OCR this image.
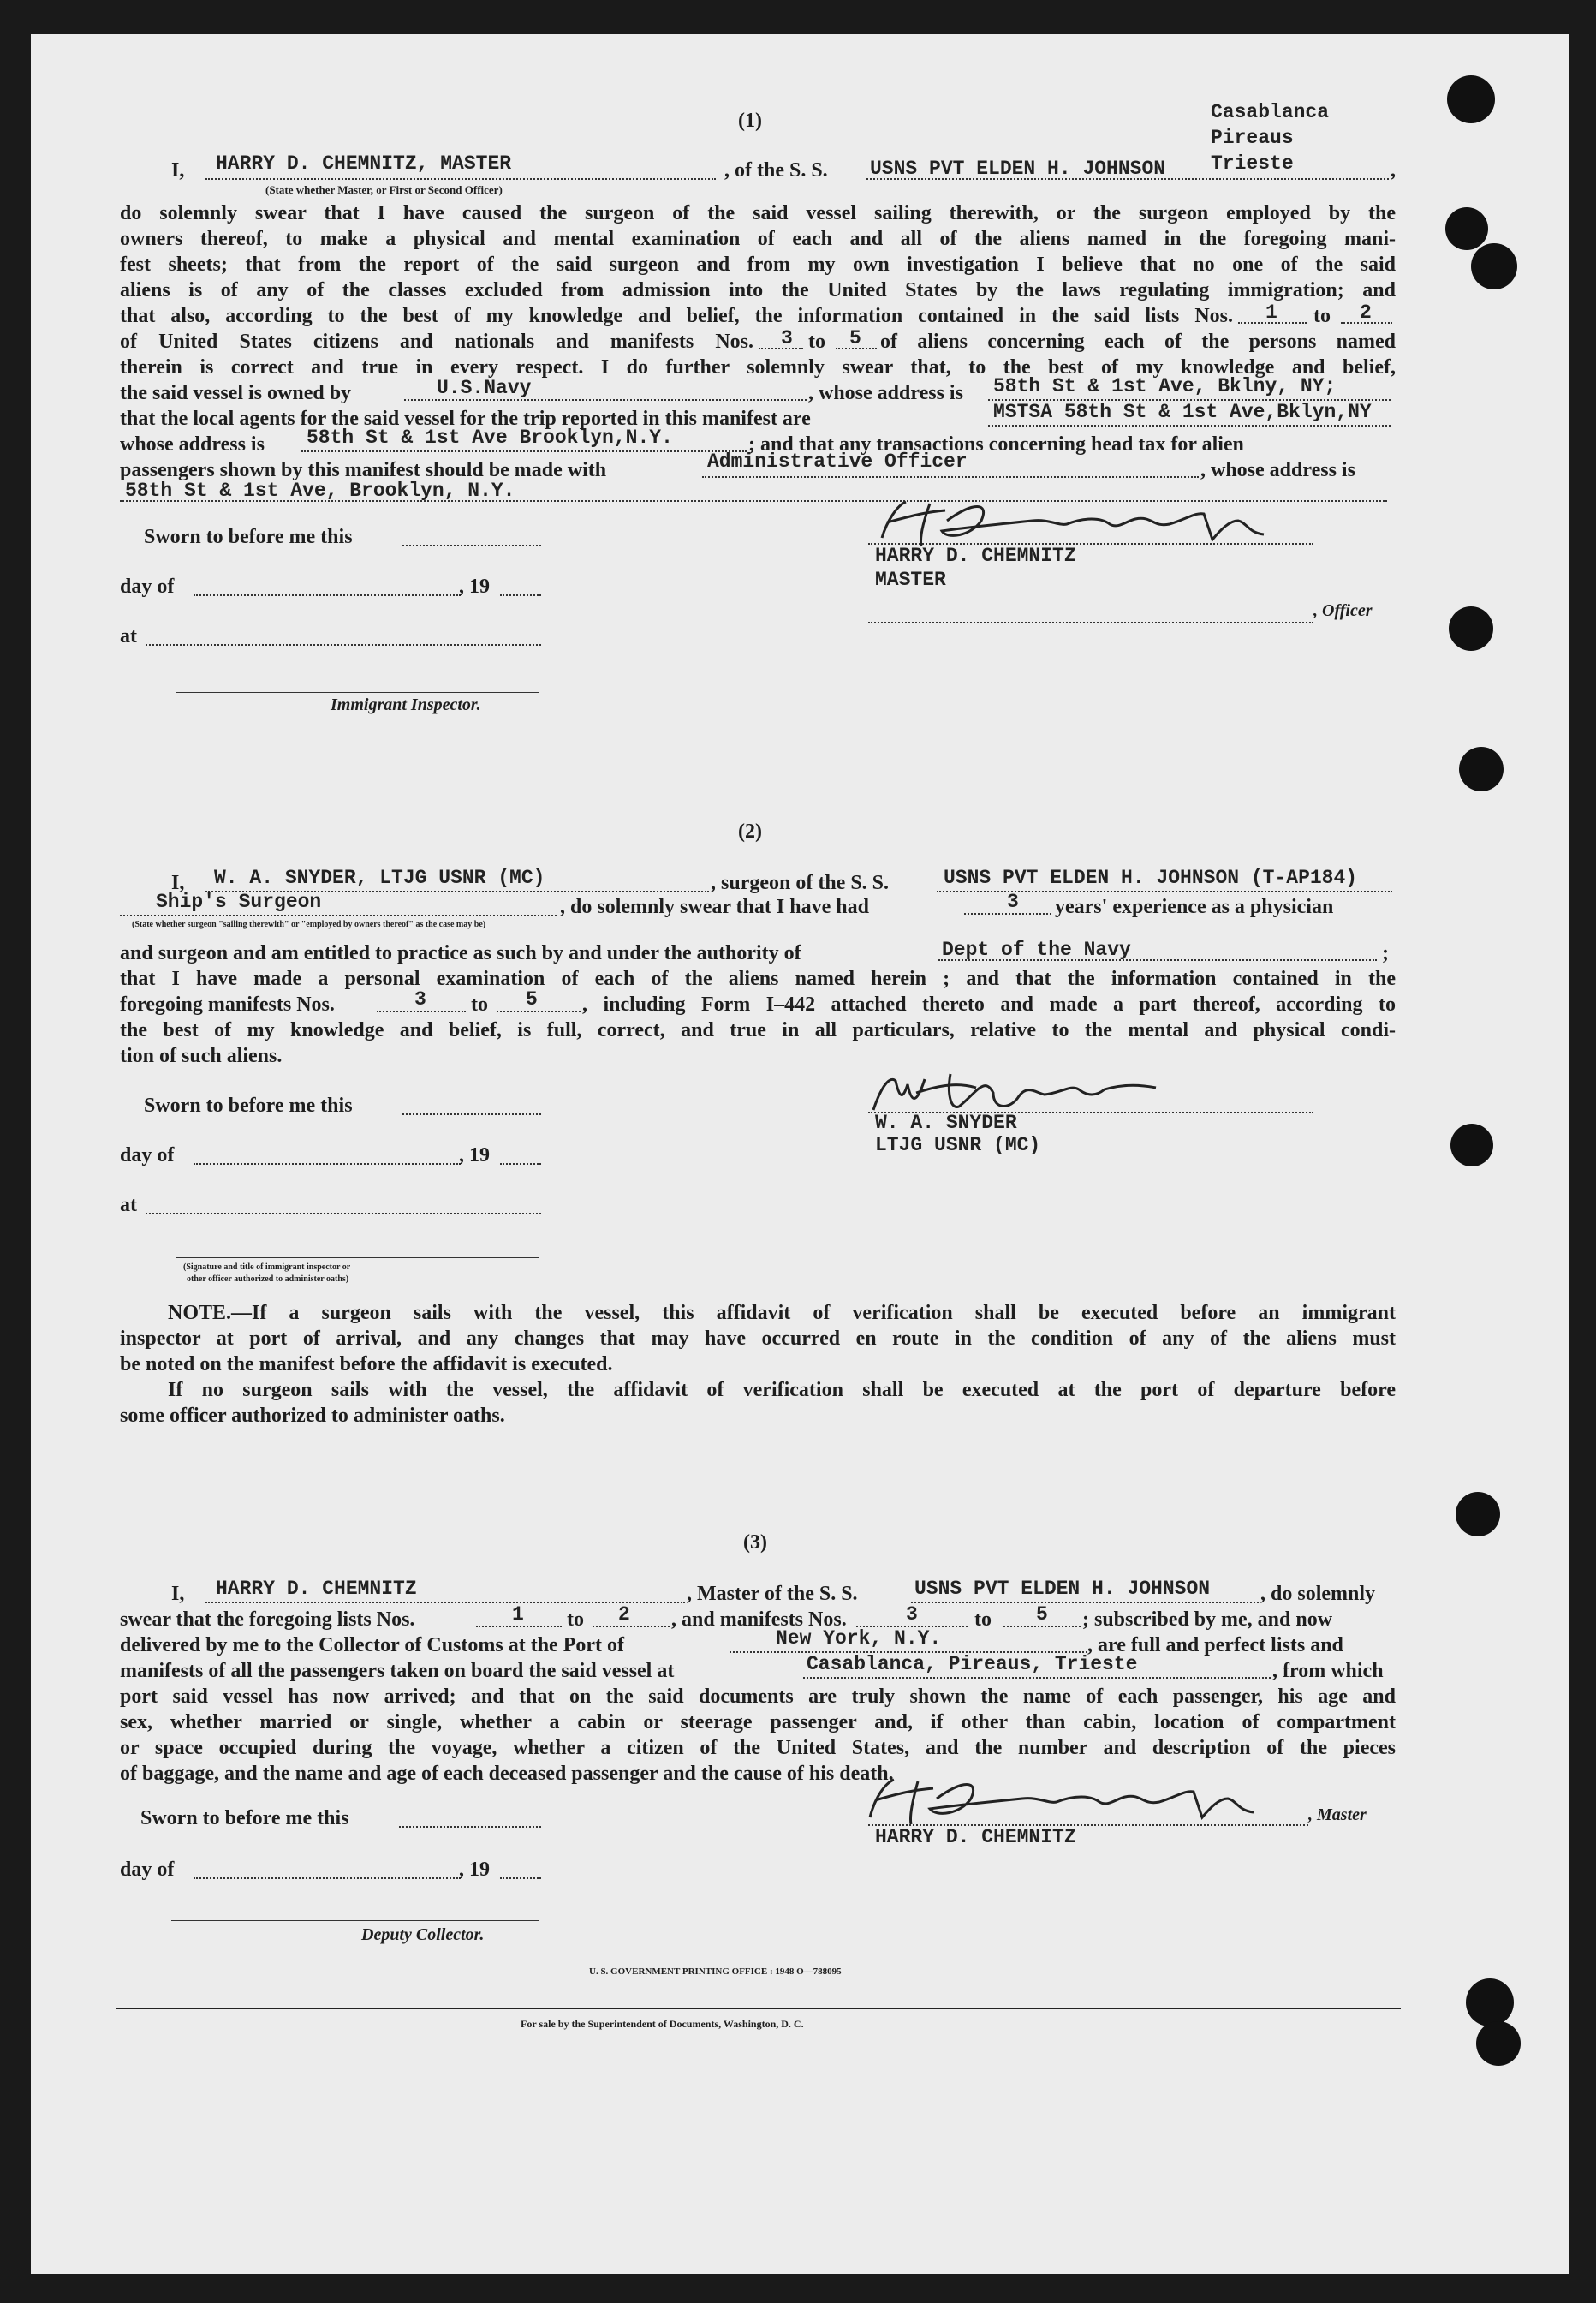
(1)	Casablanca
Pireaus
Trieste
I, HARRY D. CHEMNITZ, MASTER
(State whether Master, or First or Second Officer)
, of the S. S. USNS PVT ELDEN H. JOHNSON	,
do solemnly swear that I have caused the surgeon of the said vessel sailing therewith, or the surgeon employed by the
owners thereof, to make a physical and mental examination of each and all of the aliens named in the foregoing mani-
fest sheets; that from the report of the said surgeon and from my own investigation I believe that no one of the said
aliens is of any of the classes excluded from admission into the United States by the laws regulating immigration; and
that also, according to the best of my knowledge and belief, the information contained in the said lists Nos. 1 to 2
of United States citizens and nationals and manifests Nos. 3 to 5 of aliens concerning each of the persons named
therein is correct and true in every respect. I do further solemnly swear that, to the best of my knowledge and belief,
the said vessel is owned by	U.S.Navy	, whose address is 58th St & 1st Ave, Bklny, NY;
that the local agents for the said vessel for the trip reported in this manifest are	MSTSA 58th St & 1st Ave,Bklyn,NY
whose address is 58th St & 1st Ave Brooklyn,N.Y.	; and that any transactions concerning head tax for alien
passengers shown by this manifest should be made with	Administrative Officer	, whose address is
58th St & 1st Ave, Brooklyn, N.Y.
Sworn to before me this
day of	, 19
at
Immigrant Inspector.
HARRY D. CHEMNITZ
MASTER
, Officer
(2)
I, W. A. SNYDER, LTJG USNR (MC)	, surgeon of the S. S.	USNS PVT ELDEN H. JOHNSON (T-AP184)
Ship's Surgeon	, do solemnly swear that I have had	3 years' experience as a physician
(State whether surgeon "sailing therewith" or "employed by owners thereof" as the case may be)
and surgeon and am entitled to practice as such by and under the authority of	Dept of the Navy	;
that I have made a personal examination of each of the aliens named herein ; and that the information contained in the
foregoing manifests Nos.	3 to 5 , including Form I–442 attached thereto and made a part thereof, according to
the best of my knowledge and belief, is full, correct, and true in all particulars, relative to the mental and physical condi-
tion of such aliens.
Sworn to before me this
day of	, 19
at
(Signature and title of immigrant inspector or
other officer authorized to administer oaths)
W. A. SNYDER
LTJG USNR (MC)
NOTE.—If a surgeon sails with the vessel, this affidavit of verification shall be executed before an immigrant
inspector at port of arrival, and any changes that may have occurred en route in the condition of any of the aliens must
be noted on the manifest before the affidavit is executed.
If no surgeon sails with the vessel, the affidavit of verification shall be executed at the port of departure before
some officer authorized to administer oaths.
(3)
I, HARRY D. CHEMNITZ	, Master of the S. S.	USNS PVT ELDEN H. JOHNSON , do solemnly
swear that the foregoing lists Nos.	1 to 2 , and manifests Nos.	3	to 5 ; subscribed by me, and now
delivered by me to the Collector of Customs at the Port of	New York, N.Y.	, are full and perfect lists and
manifests of all the passengers taken on board the said vessel at	Casablanca, Pireaus, Trieste	, from which
port said vessel has now arrived; and that on the said documents are truly shown the name of each passenger, his age and
sex, whether married or single, whether a cabin or steerage passenger and, if other than cabin, location of compartment
or space occupied during the voyage, whether a citizen of the United States, and the number and description of the pieces
of baggage, and the name and age of each deceased passenger and the cause of his death.
Sworn to before me this
day of	, 19
Deputy Collector.
HARRY D. CHEMNITZ
, Master
U. S. GOVERNMENT PRINTING OFFICE : 1948 O—788095
For sale by the Superintendent of Documents, Washington, D. C.
